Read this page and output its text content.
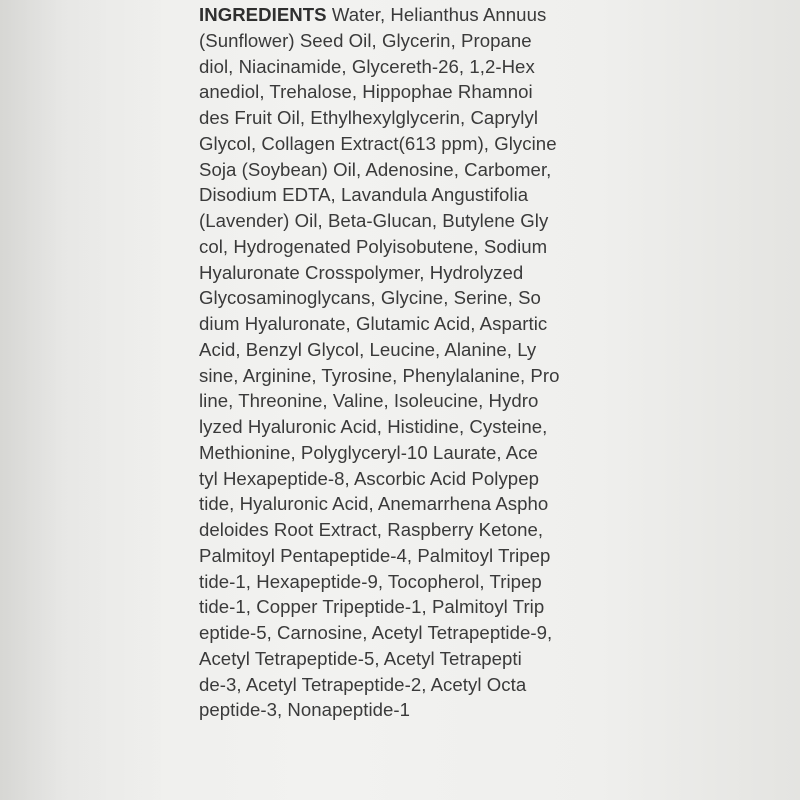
INGREDIENTS Water, Helianthus Annuus
(Sunflower) Seed Oil, Glycerin, Propane
diol, Niacinamide, Glycereth-26, 1,2-Hex
anediol, Trehalose, Hippophae Rhamnoi
des Fruit Oil, Ethylhexylglycerin, Caprylyl
Glycol, Collagen Extract(613 ppm), Glycine
Soja (Soybean) Oil, Adenosine, Carbomer,
Disodium EDTA, Lavandula Angustifolia
(Lavender) Oil, Beta-Glucan, Butylene Gly
col, Hydrogenated Polyisobutene, Sodium
Hyaluronate Crosspolymer, Hydrolyzed
Glycosaminoglycans, Glycine, Serine, So
dium Hyaluronate, Glutamic Acid, Aspartic
Acid, Benzyl Glycol, Leucine, Alanine, Ly
sine, Arginine, Tyrosine, Phenylalanine, Pro
line, Threonine, Valine, Isoleucine, Hydro
lyzed Hyaluronic Acid, Histidine, Cysteine,
Methionine, Polyglyceryl-10 Laurate, Ace
tyl Hexapeptide-8, Ascorbic Acid Polypep
tide, Hyaluronic Acid, Anemarrhena Aspho
deloides Root Extract, Raspberry Ketone,
Palmitoyl Pentapeptide-4, Palmitoyl Tripep
tide-1, Hexapeptide-9, Tocopherol, Tripep
tide-1, Copper Tripeptide-1, Palmitoyl Trip
eptide-5, Carnosine, Acetyl Tetrapeptide-9,
Acetyl Tetrapeptide-5, Acetyl Tetrapepti
de-3, Acetyl Tetrapeptide-2, Acetyl Octa
peptide-3, Nonapeptide-1
